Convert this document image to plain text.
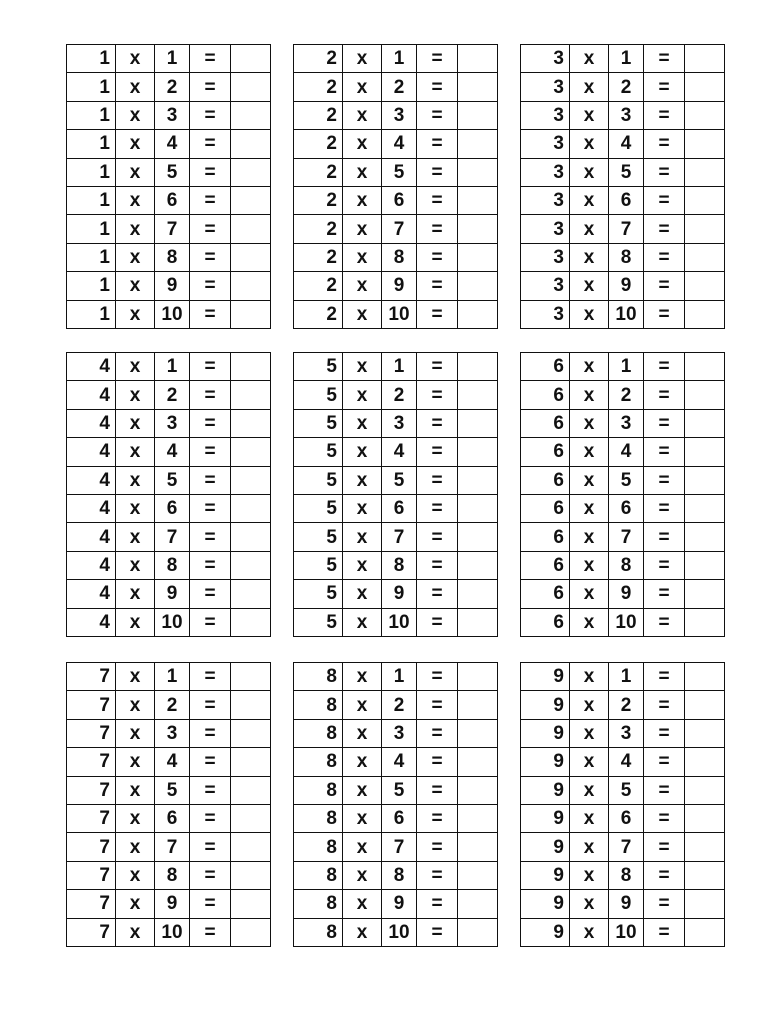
1	x	1	=	
1	x	2	=	
1	x	3	=	
1	x	4	=	
1	x	5	=	
1	x	6	=	
1	x	7	=	
1	x	8	=	
1	x	9	=	
1	x	10	=	
2	x	1	=	
2	x	2	=	
2	x	3	=	
2	x	4	=	
2	x	5	=	
2	x	6	=	
2	x	7	=	
2	x	8	=	
2	x	9	=	
2	x	10	=	
3	x	1	=	
3	x	2	=	
3	x	3	=	
3	x	4	=	
3	x	5	=	
3	x	6	=	
3	x	7	=	
3	x	8	=	
3	x	9	=	
3	x	10	=	
4	x	1	=	
4	x	2	=	
4	x	3	=	
4	x	4	=	
4	x	5	=	
4	x	6	=	
4	x	7	=	
4	x	8	=	
4	x	9	=	
4	x	10	=	
5	x	1	=	
5	x	2	=	
5	x	3	=	
5	x	4	=	
5	x	5	=	
5	x	6	=	
5	x	7	=	
5	x	8	=	
5	x	9	=	
5	x	10	=	
6	x	1	=	
6	x	2	=	
6	x	3	=	
6	x	4	=	
6	x	5	=	
6	x	6	=	
6	x	7	=	
6	x	8	=	
6	x	9	=	
6	x	10	=	
7	x	1	=	
7	x	2	=	
7	x	3	=	
7	x	4	=	
7	x	5	=	
7	x	6	=	
7	x	7	=	
7	x	8	=	
7	x	9	=	
7	x	10	=	
8	x	1	=	
8	x	2	=	
8	x	3	=	
8	x	4	=	
8	x	5	=	
8	x	6	=	
8	x	7	=	
8	x	8	=	
8	x	9	=	
8	x	10	=	
9	x	1	=	
9	x	2	=	
9	x	3	=	
9	x	4	=	
9	x	5	=	
9	x	6	=	
9	x	7	=	
9	x	8	=	
9	x	9	=	
9	x	10	=	
